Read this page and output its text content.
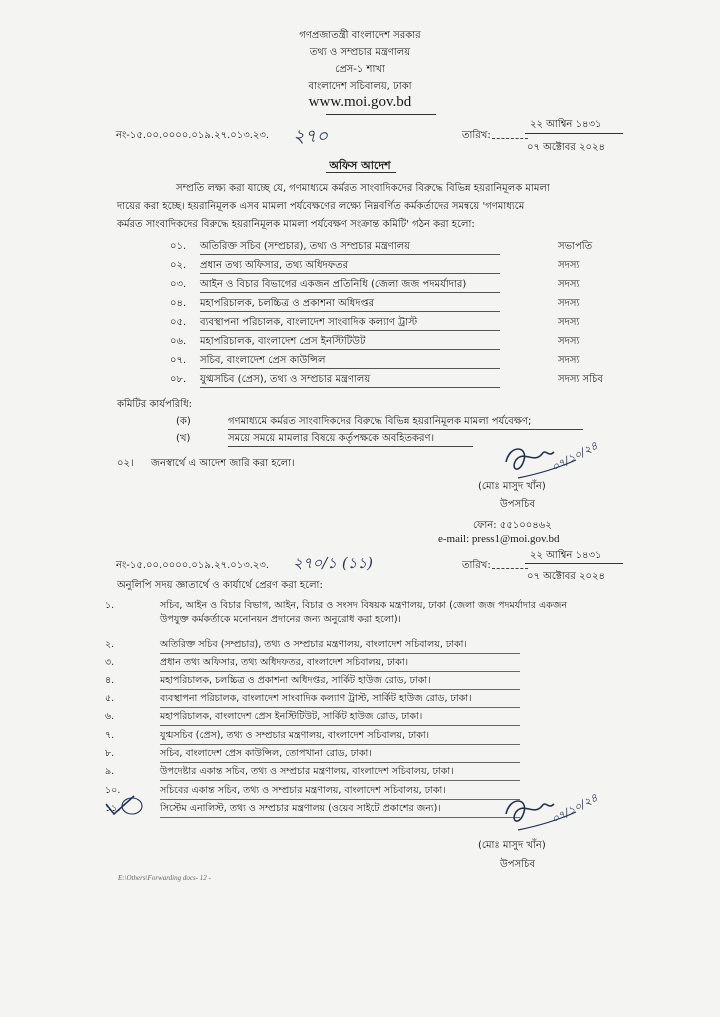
গণপ্রজাতন্ত্রী বাংলাদেশ সরকার
তথ্য ও সম্প্রচার মন্ত্রণালয়
প্রেস-১ শাখা
বাংলাদেশ সচিবালয়, ঢাকা
www.moi.gov.bd
নং-১৫.০০.০০০০.০১৯.২৭.০১৩.২৩. ২৭০	তারিখ:
২২ আশ্বিন ১৪৩১
০৭ অক্টোবর ২০২৪
অফিস আদেশ
সম্প্রতি লক্ষ্য করা যাচ্ছে যে, গণমাধ্যমে কর্মরত সাংবাদিকদের বিরুদ্ধে বিভিন্ন হয়রানিমূলক মামলা
দায়ের করা হচ্ছে। হয়রানিমূলক এসব মামলা পর্যবেক্ষণের লক্ষ্যে নিম্নবর্ণিত কর্মকর্তাদের সমন্বয়ে 'গণমাধ্যমে
কর্মরত সাংবাদিকদের বিরুদ্ধে হয়রানিমূলক মামলা পর্যবেক্ষণ সংক্রান্ত কমিটি' গঠন করা হলো:
০১.	অতিরিক্ত সচিব (সম্প্রচার), তথ্য ও সম্প্রচার মন্ত্রণালয়	সভাপতি
০২.	প্রধান তথ্য অফিসার, তথ্য অধিদফতর	সদস্য
০৩.	আইন ও বিচার বিভাগের একজন প্রতিনিধি (জেলা জজ পদমর্যাদার)	সদস্য
০৪.	মহাপরিচালক, চলচ্চিত্র ও প্রকাশনা অধিদপ্তর	সদস্য
০৫.	ব্যবস্থাপনা পরিচালক, বাংলাদেশ সাংবাদিক কল্যাণ ট্রাস্ট	সদস্য
০৬.	মহাপরিচালক, বাংলাদেশ প্রেস ইনস্টিটিউট	সদস্য
০৭.	সচিব, বাংলাদেশ প্রেস কাউন্সিল	সদস্য
০৮.	যুগ্মসচিব (প্রেস), তথ্য ও সম্প্রচার মন্ত্রণালয়	সদস্য সচিব
কমিটির কার্যপরিধি:
(ক)	গণমাধ্যমে কর্মরত সাংবাদিকদের বিরুদ্ধে বিভিন্ন হয়রানিমূলক মামলা পর্যবেক্ষণ;
(খ)	সময়ে সময়ে মামলার বিষয়ে কর্তৃপক্ষকে অবহিতকরণ।
০২। জনস্বার্থে এ আদেশ জারি করা হলো।	০৭/১০/২৪
(মোঃ মাসুদ খাঁন)
উপসচিব
ফোন: ৫৫১০০৪৬২
e-mail: press1@moi.gov.bd
নং-১৫.০০.০০০০.০১৯.২৭.০১৩.২৩. ২৭০/১ (১১)	তারিখ:
২২ আশ্বিন ১৪৩১
০৭ অক্টোবর ২০২৪
অনুলিপি সদয় জ্ঞাতার্থে ও কার্যার্থে প্রেরণ করা হলো:
১.	সচিব, আইন ও বিচার বিভাগ, আইন, বিচার ও সংসদ বিষয়ক মন্ত্রণালয়, ঢাকা (জেলা জজ পদমর্যাদার একজন উপযুক্ত কর্মকর্তাকে মনোনয়ন প্রদানের জন্য অনুরোধ করা হলো)।
২.	অতিরিক্ত সচিব (সম্প্রচার), তথ্য ও সম্প্রচার মন্ত্রণালয়, বাংলাদেশ সচিবালয়, ঢাকা।
৩.	প্রধান তথ্য অফিসার, তথ্য অধিদফতর, বাংলাদেশ সচিবালয়, ঢাকা।
৪.	মহাপরিচালক, চলচ্চিত্র ও প্রকাশনা অধিদপ্তর, সার্কিট হাউজ রোড, ঢাকা।
৫.	ব্যবস্থাপনা পরিচালক, বাংলাদেশ সাংবাদিক কল্যাণ ট্রাস্ট, সার্কিট হাউজ রোড, ঢাকা।
৬.	মহাপরিচালক, বাংলাদেশ প্রেস ইনস্টিটিউট, সার্কিট হাউজ রোড, ঢাকা।
৭.	যুগ্মসচিব (প্রেস), তথ্য ও সম্প্রচার মন্ত্রণালয়, বাংলাদেশ সচিবালয়, ঢাকা।
৮.	সচিব, বাংলাদেশ প্রেস কাউন্সিল, তোপখানা রোড, ঢাকা।
৯.	উপদেষ্টার একান্ত সচিব, তথ্য ও সম্প্রচার মন্ত্রণালয়, বাংলাদেশ সচিবালয়, ঢাকা।
১০.	সচিবের একান্ত সচিব, তথ্য ও সম্প্রচার মন্ত্রণালয়, বাংলাদেশ সচিবালয়, ঢাকা।
১১.	সিস্টেম এনালিস্ট, তথ্য ও সম্প্রচার মন্ত্রণালয় (ওয়েব সাইটে প্রকাশের জন্য)।	০৭/১০/২৪
(মোঃ মাসুদ খাঁন)
উপসচিব
E:\Others\Forwarding docs- 12 -
